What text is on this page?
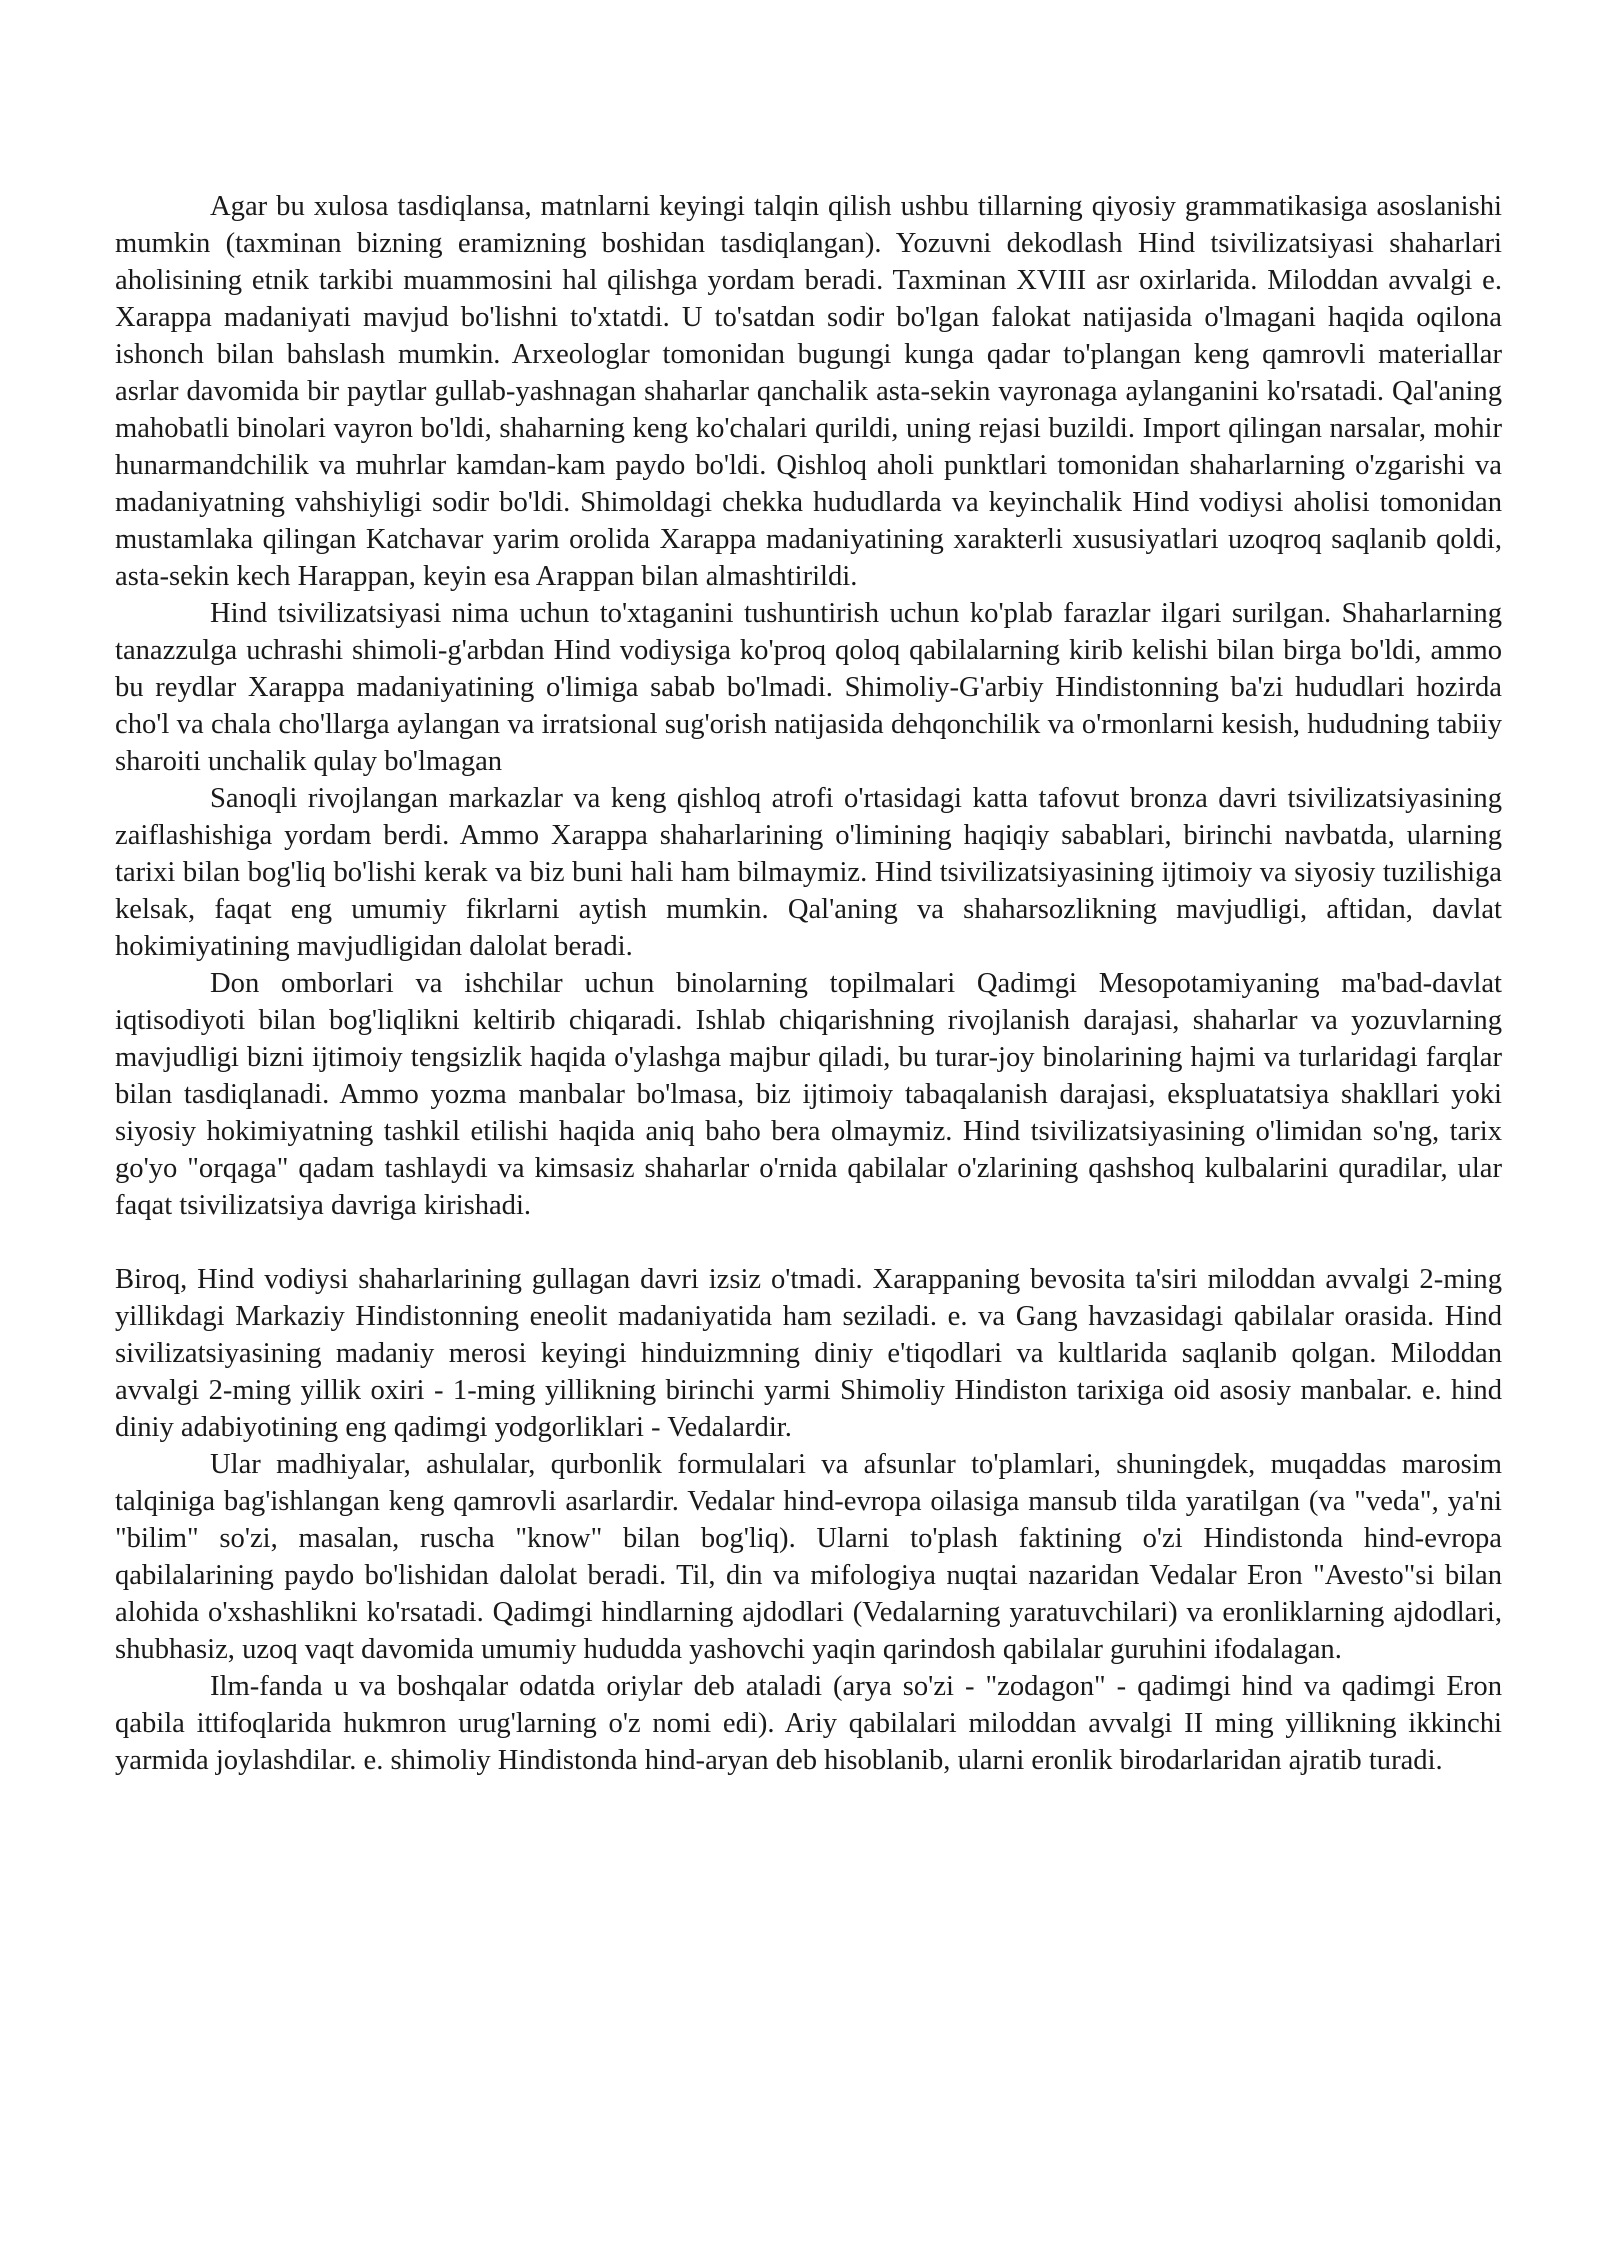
Agar bu xulosa tasdiqlansa, matnlarni keyingi talqin qilish ushbu tillarning qiyosiy grammatikasiga asoslanishi mumkin (taxminan bizning eramizning boshidan tasdiqlangan). Yozuvni dekodlash Hind tsivilizatsiyasi shaharlari aholisining etnik tarkibi muammosini hal qilishga yordam beradi. Taxminan XVIII asr oxirlarida. Miloddan avvalgi e. Xarappa madaniyati mavjud bo'lishni to'xtatdi. U to'satdan sodir bo'lgan falokat natijasida o'lmagani haqida oqilona ishonch bilan bahslash mumkin. Arxeologlar tomonidan bugungi kunga qadar to'plangan keng qamrovli materiallar asrlar davomida bir paytlar gullab-yashnagan shaharlar qanchalik asta-sekin vayronaga aylanganini ko'rsatadi. Qal'aning mahobatli binolari vayron bo'ldi, shaharning keng ko'chalari qurildi, uning rejasi buzildi. Import qilingan narsalar, mohir hunarmandchilik va muhrlar kamdan-kam paydo bo'ldi. Qishloq aholi punktlari tomonidan shaharlarning o'zgarishi va madaniyatning vahshiyligi sodir bo'ldi. Shimoldagi chekka hududlarda va keyinchalik Hind vodiysi aholisi tomonidan mustamlaka qilingan Katchavar yarim orolida Xarappa madaniyatining xarakterli xususiyatlari uzoqroq saqlanib qoldi, asta-sekin kech Harappan, keyin esa Arappan bilan almashtirildi.

Hind tsivilizatsiyasi nima uchun to'xtaganini tushuntirish uchun ko'plab farazlar ilgari surilgan. Shaharlarning tanazzulga uchrashi shimoli-g'arbdan Hind vodiysiga ko'proq qoloq qabilalarning kirib kelishi bilan birga bo'ldi, ammo bu reydlar Xarappa madaniyatining o'limiga sabab bo'lmadi. Shimoliy-G'arbiy Hindistonning ba'zi hududlari hozirda cho'l va chala cho'llarga aylangan va irratsional sug'orish natijasida dehqonchilik va o'rmonlarni kesish, hududning tabiiy sharoiti unchalik qulay bo'lmagan

Sanoqli rivojlangan markazlar va keng qishloq atrofi o'rtasidagi katta tafovut bronza davri tsivilizatsiyasining zaiflashishiga yordam berdi. Ammo Xarappa shaharlarining o'limining haqiqiy sabablari, birinchi navbatda, ularning tarixi bilan bog'liq bo'lishi kerak va biz buni hali ham bilmaymiz. Hind tsivilizatsiyasining ijtimoiy va siyosiy tuzilishiga kelsak, faqat eng umumiy fikrlarni aytish mumkin. Qal'aning va shaharsozlikning mavjudligi, aftidan, davlat hokimiyatining mavjudligidan dalolat beradi.

Don omborlari va ishchilar uchun binolarning topilmalari Qadimgi Mesopotamiyaning ma'bad-davlat iqtisodiyoti bilan bog'liqlikni keltirib chiqaradi. Ishlab chiqarishning rivojlanish darajasi, shaharlar va yozuvlarning mavjudligi bizni ijtimoiy tengsizlik haqida o'ylashga majbur qiladi, bu turar-joy binolarining hajmi va turlaridagi farqlar bilan tasdiqlanadi. Ammo yozma manbalar bo'lmasa, biz ijtimoiy tabaqalanish darajasi, ekspluatatsiya shakllari yoki siyosiy hokimiyatning tashkil etilishi haqida aniq baho bera olmaymiz. Hind tsivilizatsiyasining o'limidan so'ng, tarix go'yo "orqaga" qadam tashlaydi va kimsasiz shaharlar o'rnida qabilalar o'zlarining qashshoq kulbalarini quradilar, ular faqat tsivilizatsiya davriga kirishadi.

Biroq, Hind vodiysi shaharlarining gullagan davri izsiz o'tmadi. Xarappaning bevosita ta'siri miloddan avvalgi 2-ming yillikdagi Markaziy Hindistonning eneolit madaniyatida ham seziladi. e. va Gang havzasidagi qabilalar orasida. Hind sivilizatsiyasining madaniy merosi keyingi hinduizmning diniy e'tiqodlari va kultlarida saqlanib qolgan. Miloddan avvalgi 2-ming yillik oxiri - 1-ming yillikning birinchi yarmi Shimoliy Hindiston tarixiga oid asosiy manbalar. e. hind diniy adabiyotining eng qadimgi yodgorliklari - Vedalardir.

Ular madhiyalar, ashulalar, qurbonlik formulalari va afsunlar to'plamlari, shuningdek, muqaddas marosim talqiniga bag'ishlangan keng qamrovli asarlardir. Vedalar hind-evropa oilasiga mansub tilda yaratilgan (va "veda", ya'ni "bilim" so'zi, masalan, ruscha "know" bilan bog'liq). Ularni to'plash faktining o'zi Hindistonda hind-evropa qabilalarining paydo bo'lishidan dalolat beradi. Til, din va mifologiya nuqtai nazaridan Vedalar Eron "Avesto"si bilan alohida o'xshashlikni ko'rsatadi. Qadimgi hindlarning ajdodlari (Vedalarning yaratuvchilari) va eronliklarning ajdodlari, shubhasiz, uzoq vaqt davomida umumiy hududda yashovchi yaqin qarindosh qabilalar guruhini ifodalagan.

Ilm-fanda u va boshqalar odatda oriylar deb ataladi (arya so'zi - "zodagon" - qadimgi hind va qadimgi Eron qabila ittifoqlarida hukmron urug'larning o'z nomi edi). Ariy qabilalari miloddan avvalgi II ming yillikning ikkinchi yarmida joylashdilar. e. shimoliy Hindistonda hind-aryan deb hisoblanib, ularni eronlik birodarlaridan ajratib turadi.
